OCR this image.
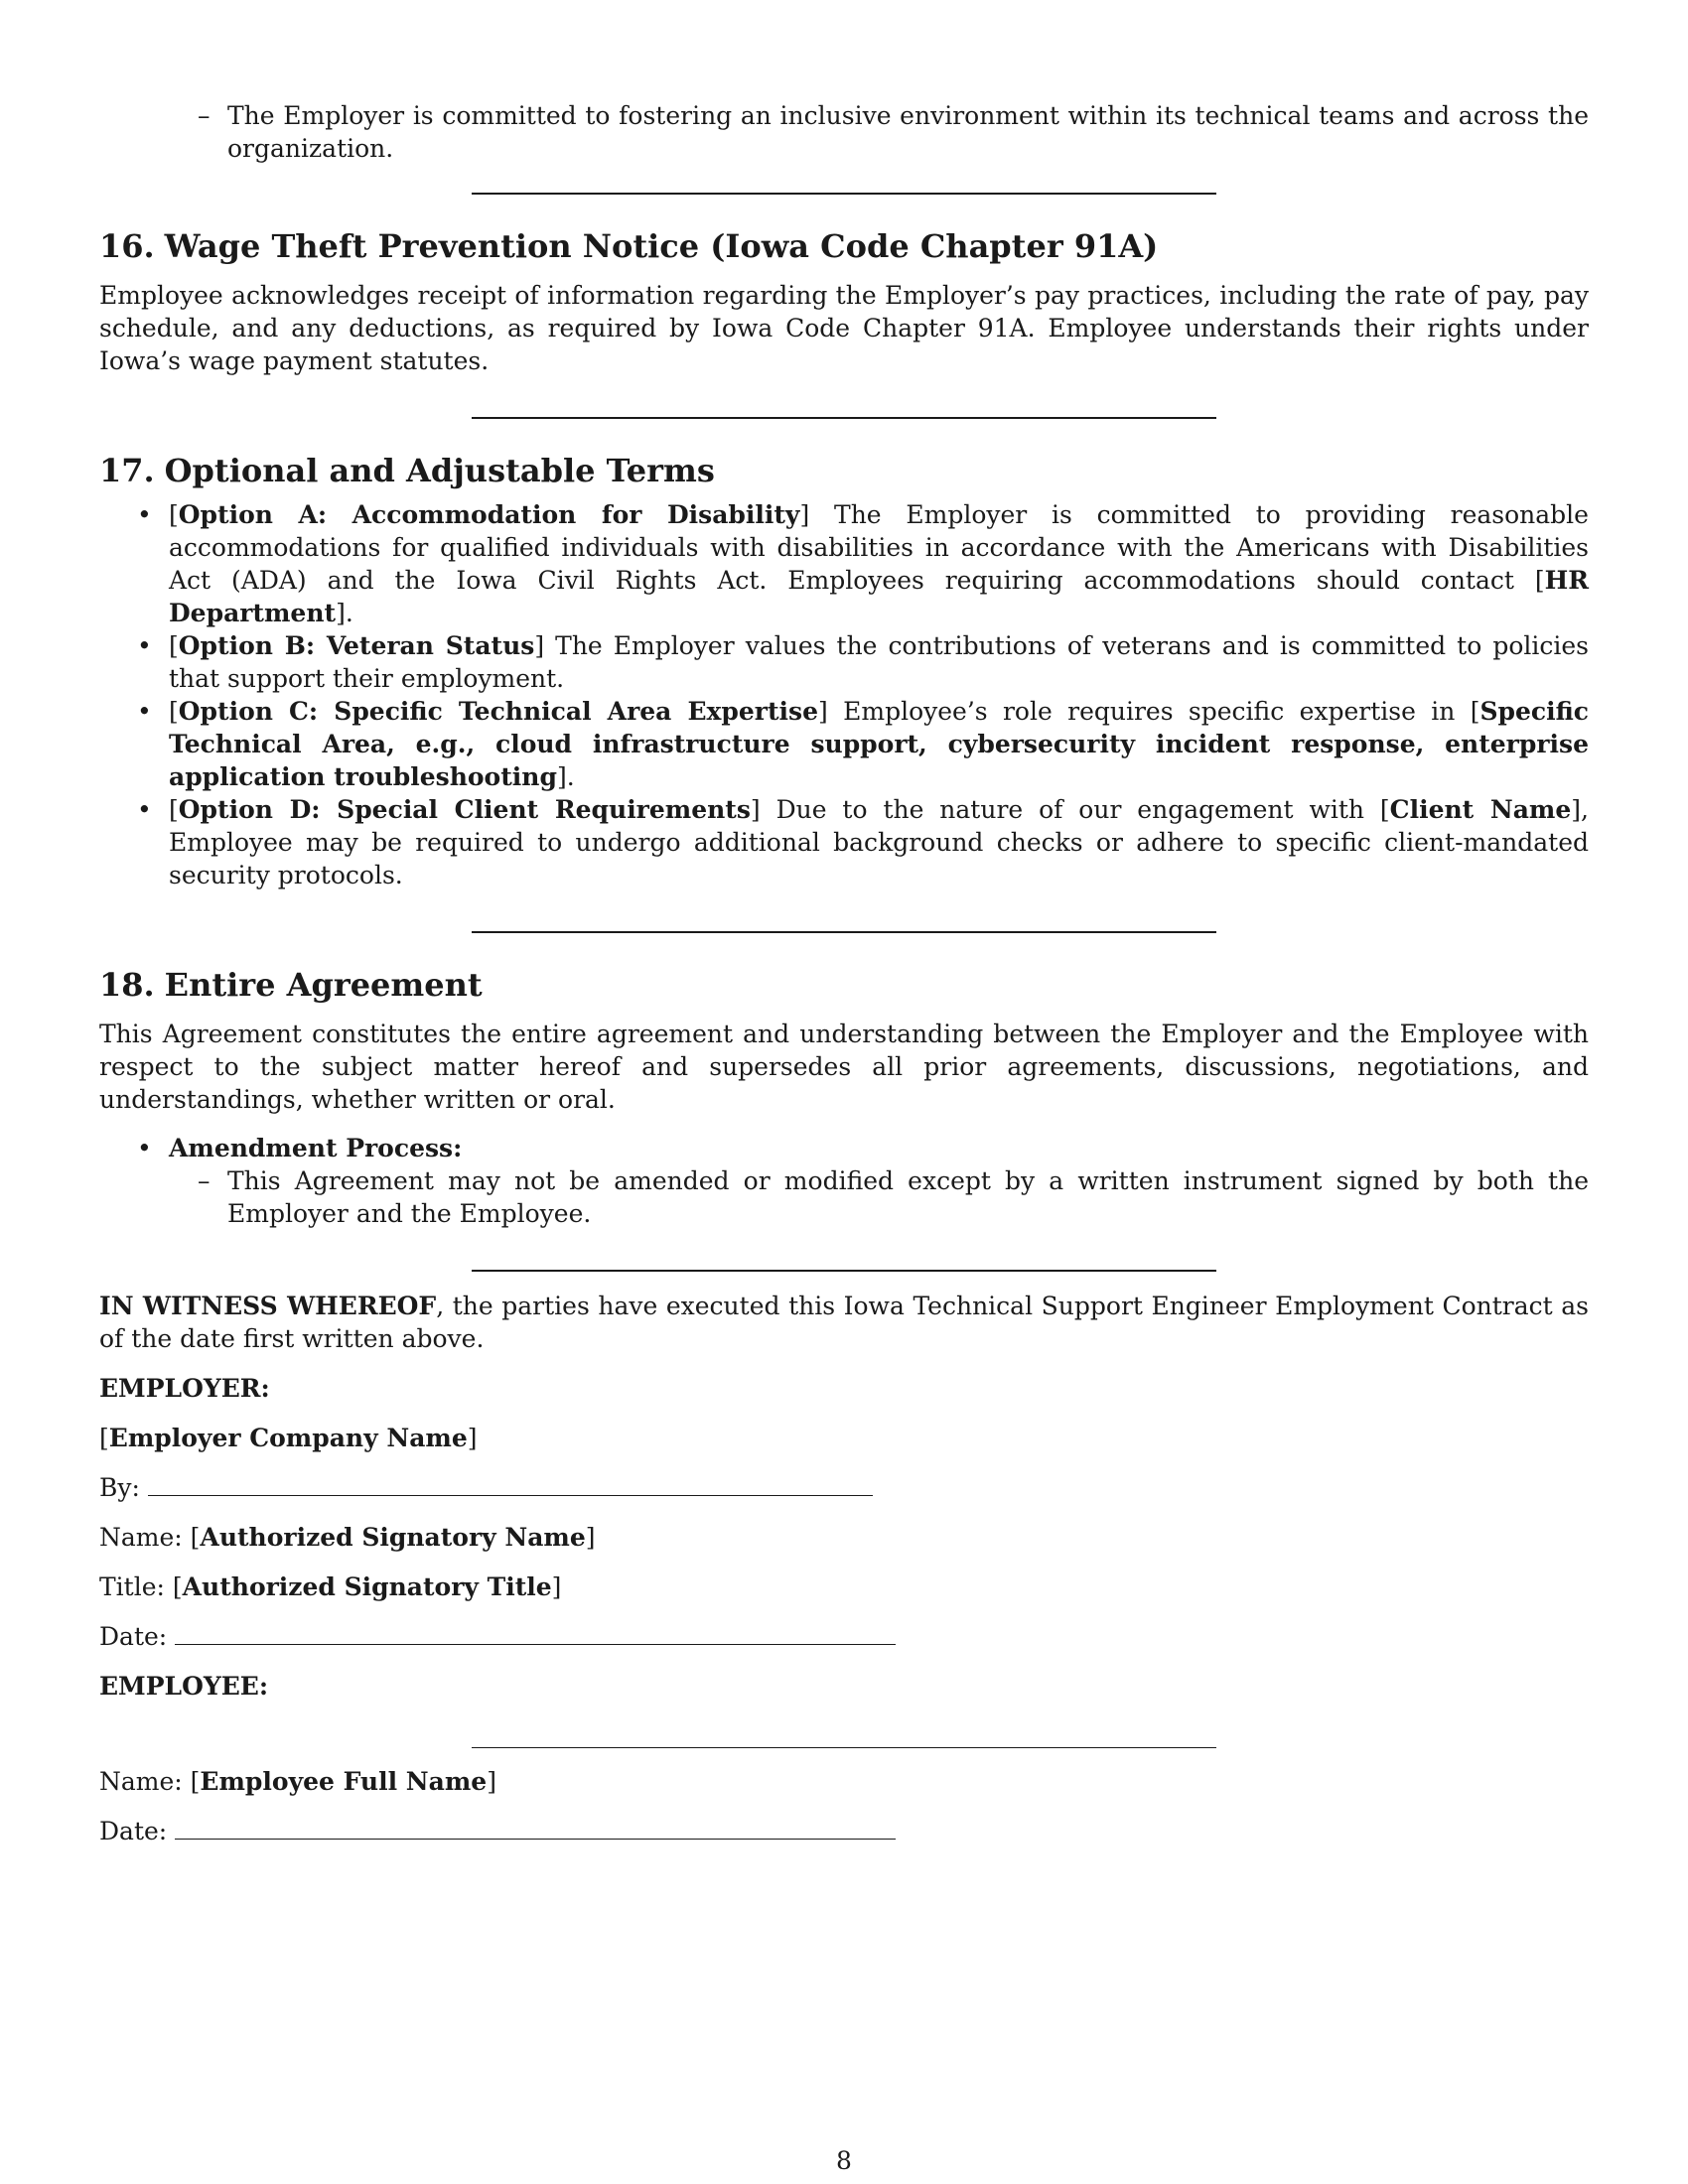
– The Employer is committed to fostering an inclusive environment within its technical teams and across the organization.
16. Wage Theft Prevention Notice (Iowa Code Chapter 91A)

Employee acknowledges receipt of information regarding the Employer’s pay practices, including the rate of pay, pay schedule, and any deductions, as required by Iowa Code Chapter 91A. Employee understands their rights under Iowa’s wage payment statutes.

17. Optional and Adjustable Terms
• [Option A: Accommodation for Disability] The Employer is committed to providing reasonable accommodations for qualified individuals with disabilities in accordance with the Americans with Disabilities Act (ADA) and the Iowa Civil Rights Act. Employees requiring accommodations should contact [HR Department].
• [Option B: Veteran Status] The Employer values the contributions of veterans and is committed to policies that support their employment.
• [Option C: Specific Technical Area Expertise] Employee’s role requires specific expertise in [Specific Technical Area, e.g., cloud infrastructure support, cybersecurity incident response, enterprise application troubleshooting].
• [Option D: Special Client Requirements] Due to the nature of our engagement with [Client Name], Employee may be required to undergo additional background checks or adhere to specific client-mandated security protocols.
18. Entire Agreement

This Agreement constitutes the entire agreement and understanding between the Employer and the Employee with respect to the subject matter hereof and supersedes all prior agreements, discussions, negotiations, and understandings, whether written or oral.

• Amendment Process:
– This Agreement may not be amended or modified except by a written instrument signed by both the Employer and the Employee.

IN WITNESS WHEREOF, the parties have executed this Iowa Technical Support Engineer Employment Contract as of the date first written above.

EMPLOYER:

[Employer Company Name]

By:

Name: [Authorized Signatory Name]

Title: [Authorized Signatory Title]

Date:

EMPLOYEE:

Name: [Employee Full Name]

Date:

8
